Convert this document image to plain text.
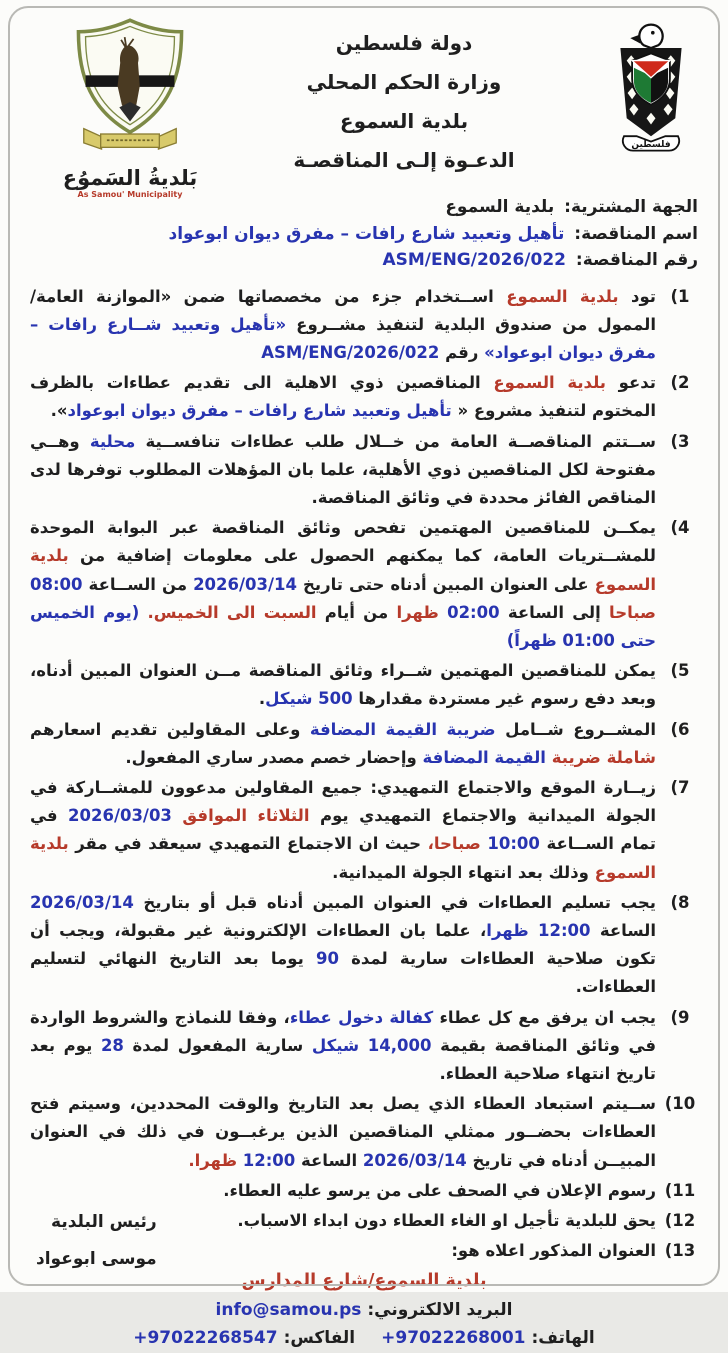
بَلديةُ السَموُع
As Samou' Municipality
دولة فلسطين
وزارة الحكم المحلي
بلدية السموع
الدعـوة إلـى المناقصـة
فلسطين
الجهة المشترية: بلدية السموع
اسم المناقصة: تأهيل وتعبيد شارع رافات – مفرق ديوان ابوعواد
رقم المناقصة: ASM/ENG/2026/022
(1
تود بلدية السموع اســتخدام جزء من مخصصاتها ضمن «الموازنة العامة/ الممول من صندوق البلدية لتنفيذ مشــروع «تأهيل وتعبيد شــارع رافات – مفرق ديوان ابوعواد» رقم ASM/ENG/2026/022
(2
تدعو بلدية السموع المناقصين ذوي الاهلية الى تقديم عطاءات بالظرف المختوم لتنفيذ مشروع « تأهيل وتعبيد شارع رافات – مفرق ديوان ابوعواد».
(3
ســتتم المناقصــة العامة من خــلال طلب عطاءات تنافســية محلية وهــي مفتوحة لكل المناقصين ذوي الأهلية، علما بان المؤهلات المطلوب توفرها لدى المناقص الفائز محددة في وثائق المناقصة.
(4
يمكــن للمناقصين المهتمين تفحص وثائق المناقصة عبر البوابة الموحدة للمشــتريات العامة، كما يمكنهم الحصول على معلومات إضافية من بلدية السموع على العنوان المبين أدناه حتى تاريخ 2026/03/14 من الســاعة 08:00 صباحا إلى الساعة 02:00 ظهرا من أيام السبت الى الخميس. (يوم الخميس حتى 01:00 ظهراً)
(5
يمكن للمناقصين المهتمين شــراء وثائق المناقصة مــن العنوان المبين أدناه، وبعد دفع رسوم غير مستردة مقدارها 500 شيكل.
(6
المشــروع شــامل ضريبة القيمة المضافة وعلى المقاولين تقديم اسعارهم شاملة ضريبة القيمة المضافة وإحضار خصم مصدر ساري المفعول.
(7
زيــارة الموقع والاجتماع التمهيدي: جميع المقاولين مدعوون للمشــاركة في الجولة الميدانية والاجتماع التمهيدي يوم الثلاثاء الموافق 2026/03/03 في تمام الســاعة 10:00 صباحا، حيث ان الاجتماع التمهيدي سيعقد في مقر بلدية السموع وذلك بعد انتهاء الجولة الميدانية.
(8
يجب تسليم العطاءات في العنوان المبين أدناه قبل أو بتاريخ 2026/03/14 الساعة 12:00 ظهرا، علما بان العطاءات الإلكترونية غير مقبولة، ويجب أن تكون صلاحية العطاءات سارية لمدة 90 يوما بعد التاريخ النهائي لتسليم العطاءات.
(9
يجب ان يرفق مع كل عطاء كفالة دخول عطاء، وفقا للنماذج والشروط الواردة في وثائق المناقصة بقيمة 14,000 شيكل سارية المفعول لمدة 28 يوم بعد تاريخ انتهاء صلاحية العطاء.
(10
ســيتم استبعاد العطاء الذي يصل بعد التاريخ والوقت المحددين، وسيتم فتح العطاءات بحضــور ممثلي المناقصين الذين يرغبــون في ذلك في العنوان المبيــن أدناه في تاريخ 2026/03/14 الساعة 12:00 ظهرا.
(11
رسوم الإعلان في الصحف على من يرسو عليه العطاء.
(12
يحق للبلدية تأجيل او الغاء العطاء دون ابداء الاسباب.
(13
العنوان المذكور اعلاه هو:
بلدية السموع/شارع المدارس
البريد الالكتروني:info@samou.ps
الهاتف:+97022268001الفاكس:+97022268547
رئيس البلدية
موسى ابوعواد
